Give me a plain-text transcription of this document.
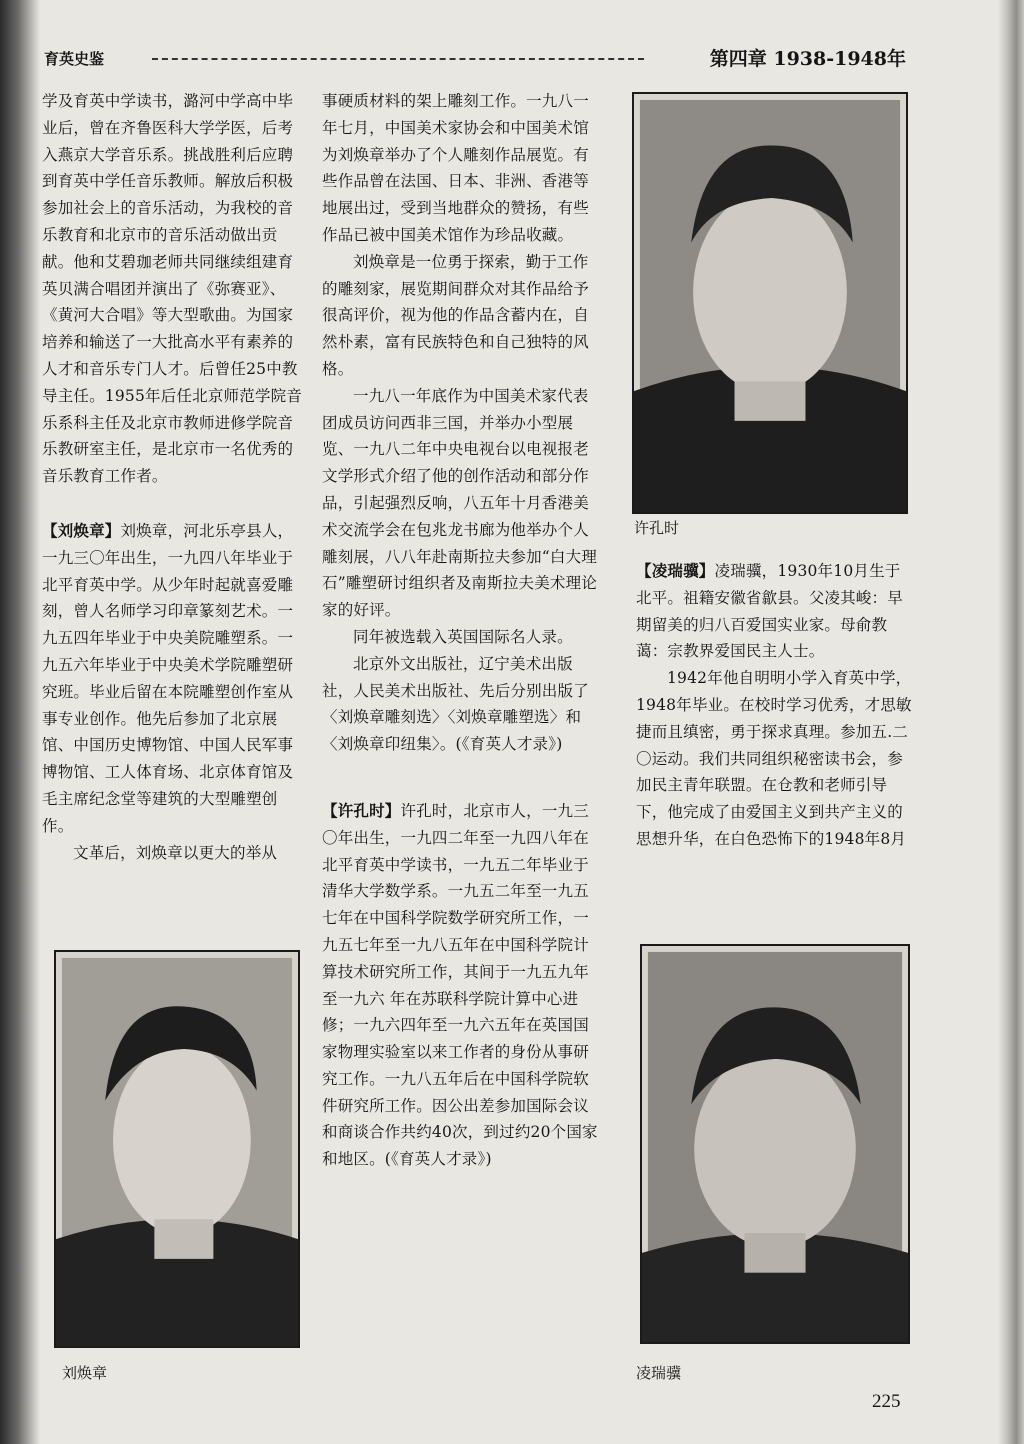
育英史鉴	第四章 1938-1948年

学及育英中学读书，潞河中学高中毕业后，曾在齐鲁医科大学学医，后考入燕京大学音乐系。挑战胜利后应聘到育英中学任音乐教师。解放后积极参加社会上的音乐活动，为我校的音乐教育和北京市的音乐活动做出贡献。他和艾碧珈老师共同继续组建育英贝满合唱团并演出了《弥赛亚》、《黄河大合唱》等大型歌曲。为国家培养和输送了一大批高水平有素养的人才和音乐专门人才。后曾任25中教导主任。1955年后任北京师范学院音乐系科主任及北京市教师进修学院音乐教研室主任，是北京市一名优秀的音乐教育工作者。

【刘焕章】刘焕章，河北乐亭县人，一九三〇年出生，一九四八年毕业于北平育英中学。从少年时起就喜爱雕刻，曾人名师学习印章篆刻艺术。一九五四年毕业于中央美院雕塑系。一九五六年毕业于中央美术学院雕塑研究班。毕业后留在本院雕塑创作室从事专业创作。他先后参加了北京展馆、中国历史博物馆、中国人民军事博物馆、工人体育场、北京体育馆及毛主席纪念堂等建筑的大型雕塑创作。

文革后，刘焕章以更大的举从

事硬质材料的架上雕刻工作。一九八一年七月，中国美术家协会和中国美术馆为刘焕章举办了个人雕刻作品展览。有些作品曾在法国、日本、非洲、香港等地展出过，受到当地群众的赞扬，有些作品已被中国美术馆作为珍品收藏。

刘焕章是一位勇于探索，勤于工作的雕刻家，展览期间群众对其作品给予很高评价，视为他的作品含蓄内在，自然朴素，富有民族特色和自己独特的风格。

一九八一年底作为中国美术家代表团成员访问西非三国，并举办小型展览、一九八二年中央电视台以电视报老文学形式介绍了他的创作活动和部分作品，引起强烈反响，八五年十月香港美术交流学会在包兆龙书廊为他举办个人雕刻展，八八年赴南斯拉夫参加“白大理石”雕塑研讨组织者及南斯拉夫美术理论家的好评。

同年被选载入英国国际名人录。

北京外文出版社，辽宁美术出版社，人民美术出版社、先后分别出版了〈刘焕章雕刻选〉〈刘焕章雕塑选〉和〈刘焕章印纽集〉。(《育英人才录》)

【许孔时】许孔时，北京市人，一九三〇年出生，一九四二年至一九四八年在北平育英中学读书，一九五二年毕业于清华大学数学系。一九五二年至一九五七年在中国科学院数学研究所工作，一九五七年至一九八五年在中国科学院计算技术研究所工作，其间于一九五九年至一九六 年在苏联科学院计算中心进修；一九六四年至一九六五年在英国国家物理实验室以来工作者的身份从事研究工作。一九八五年后在中国科学院软件研究所工作。因公出差参加国际会议和商谈合作共约40次，到过约20个国家和地区。(《育英人才录》)

【凌瑞骥】凌瑞骥，1930年10月生于北平。祖籍安徽省歙县。父凌其峻：早期留美的归八百爱国实业家。母俞教蔼：宗教界爱国民主人士。

1942年他自明明小学入育英中学，1948年毕业。在校时学习优秀，才思敏捷而且缜密，勇于探求真理。参加五.二〇运动。我们共同组织秘密读书会，参加民主青年联盟。在仓教和老师引导下，他完成了由爱国主义到共产主义的思想升华，在白色恐怖下的1948年8月

许孔时
刘焕章	凌瑞骥
225
